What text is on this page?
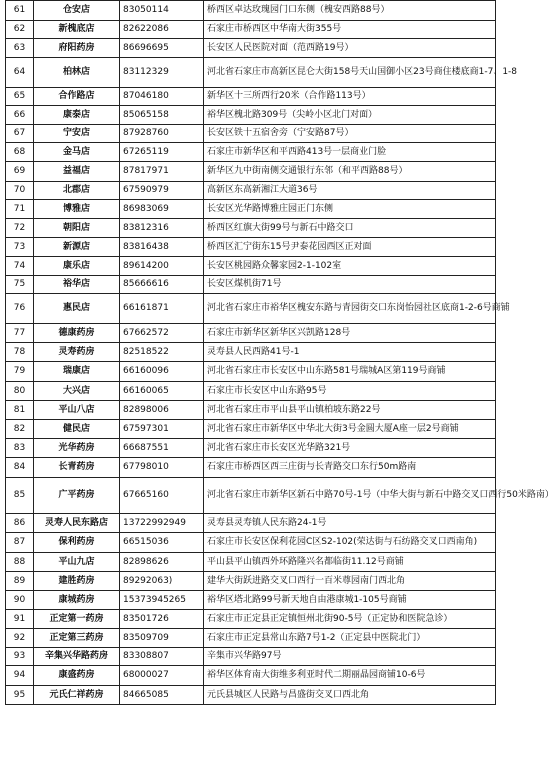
61	仓安店	83050114	桥西区卓达玫瑰园门口东侧（槐安西路88号）
62	新槐底店	82622086	石家庄市桥西区中华南大街355号
63	府阳药房	86696695	长安区人民医院对面（范西路19号）
64	柏林店	83112329	河北省石家庄市高新区昆仑大街158号天山国御小区23号商住楼底商1-7、1-8
65	合作路店	87046180	新华区十三所西行20米（合作路113号）
66	康泰店	85065158	裕华区槐北路309号（尖岭小区北门对面）
67	宁安店	87928760	长安区铁十五宿舍旁（宁安路87号）
68	金马店	67265119	石家庄市新华区和平西路413号一层商业门脸
69	益福店	87817971	新华区九中街南侧交通银行东邻（和平西路88号）
70	北郡店	67590979	高新区东高新湘江大道36号
71	博雅店	86983069	长安区光华路博雅庄园正门东侧
72	朝阳店	83812316	桥西区红旗大街99号与新石中路交口
73	新源店	83816438	桥西区汇宁街东15号尹泰花园西区正对面
74	康乐店	89614200	长安区桃园路众馨家园2-1-102室
75	裕华店	85666616	长安区煤机街71号
76	惠民店	66161871	河北省石家庄市裕华区槐安东路与青园街交口东岗怡园社区底商1-2-6号商铺
77	德康药房	67662572	石家庄市新华区新华区兴凯路128号
78	灵寿药房	82518522	灵寿县人民西路41号-1
79	瑞康店	66160096	河北省石家庄市长安区中山东路581号瑞城A区第119号商铺
80	大兴店	66160065	石家庄市长安区中山东路95号
81	平山八店	82898006	河北省石家庄市平山县平山镇柏坡东路22号
82	健民店	67597301	河北省石家庄市新华区中华北大街3号金圆大厦A座一层2号商铺
83	光华药房	66687551	河北省石家庄市长安区光华路321号
84	长青药房	67798010	石家庄市桥西区西三庄街与长青路交口东行50m路南
85	广平药房	67665160	河北省石家庄市新华区新石中路70号-1号（中华大街与新石中路交叉口西行50米路南）
86	灵寿人民东路店	13722992949	灵寿县灵寿镇人民东路24-1号
87	保利药房	66515036	石家庄市长安区保利花园C区S2-102(荣达街与石纺路交叉口西南角)
88	平山九店	82898626	平山县平山镇西外环路隆兴名都临街11.12号商铺
89	建胜药房	89292063)	建华大街跃进路交叉口西行一百米尊园南门西北角
90	康城药房	15373945265	裕华区塔北路99号新天地自由港康城1-105号商铺
91	正定第一药房	83501726	石家庄市正定县正定镇恒州北街90-5号（正定协和医院急诊）
92	正定第三药房	83509709	石家庄市正定县常山东路7号1-2（正定县中医院北门）
93	辛集兴华路药房	83308807	辛集市兴华路97号
94	康盛药房	68000027	裕华区体育南大街维多利亚时代二期丽晶园商铺10-6号
95	元氏仁祥药房	84665085	元氏县城区人民路与昌盛街交叉口西北角
